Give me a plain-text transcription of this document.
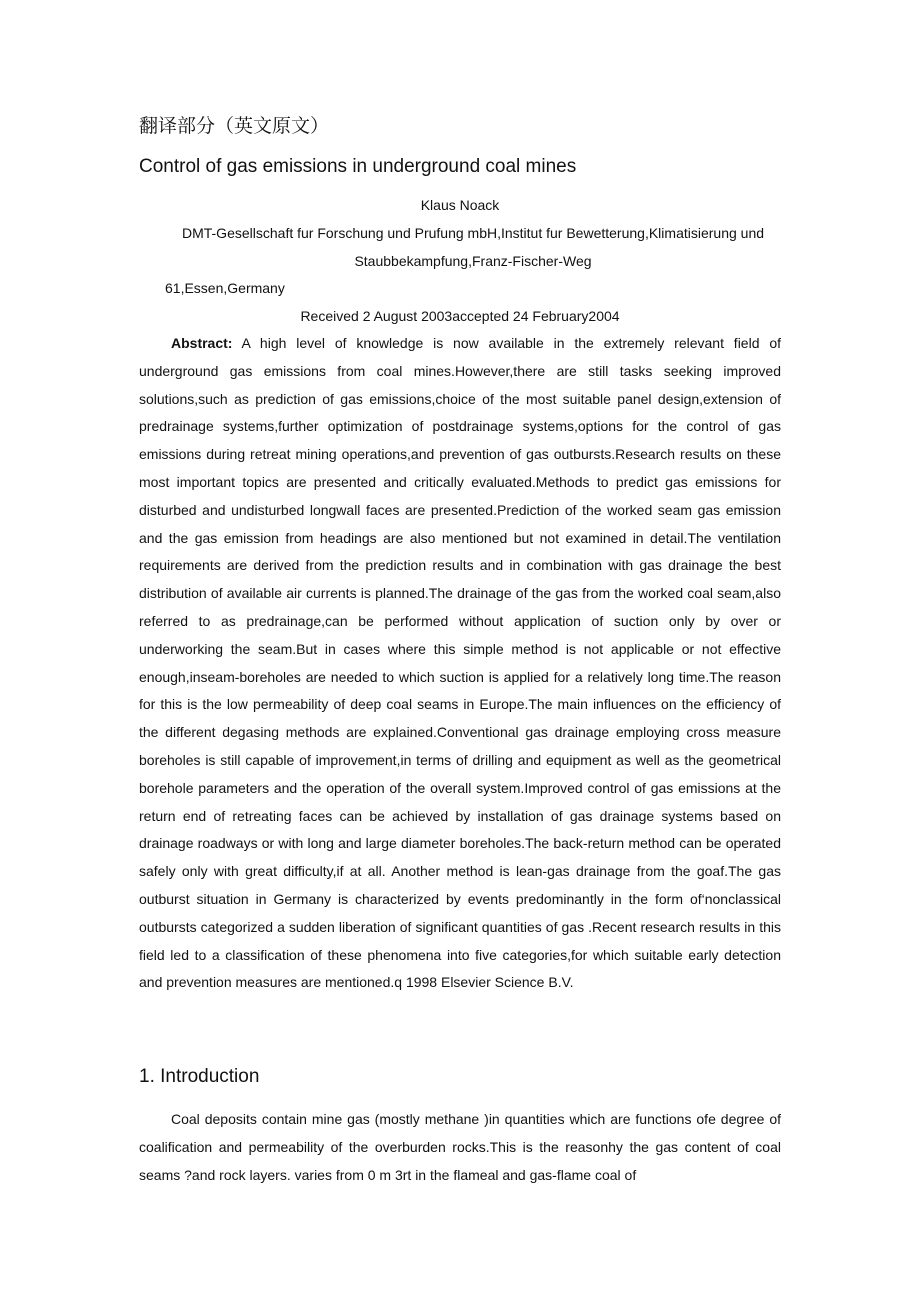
翻译部分（英文原文）
Control of gas emissions in underground coal mines
Klaus Noack
DMT-Gesellschaft fur Forschung und Prufung mbH,Institut fur Bewetterung,Klimatisierung und Staubbekampfung,Franz-Fischer-Weg
61,Essen,Germany
Received 2 August 2003accepted 24 February2004
Abstract: A high level of knowledge is now available in the extremely relevant field of underground gas emissions from coal mines.However,there are still tasks seeking improved solutions,such as prediction of gas emissions,choice of the most suitable panel design,extension of predrainage systems,further optimization of postdrainage systems,options for the control of gas emissions during retreat mining operations,and prevention of gas outbursts.Research results on these most important topics are presented and critically evaluated.Methods to predict gas emissions for disturbed and undisturbed longwall faces are presented.Prediction of the worked seam gas emission and the gas emission from headings are also mentioned but not examined in detail.The ventilation requirements are derived from the prediction results and in combination with gas drainage the best distribution of available air currents is planned.The drainage of the gas from the worked coal seam,also referred to as predrainage,can be performed without application of suction only by over or underworking the seam.But in cases where this simple method is not applicable or not effective enough,inseam-boreholes are needed to which suction is applied for a relatively long time.The reason for this is the low permeability of deep coal seams in Europe.The main influences on the efficiency of the different degasing methods are explained.Conventional gas drainage employing cross measure boreholes is still capable of improvement,in terms of drilling and equipment as well as the geometrical borehole parameters and the operation of the overall system.Improved control of gas emissions at the return end of retreating faces can be achieved by installation of gas drainage systems based on drainage roadways or with long and large diameter boreholes.The back-return method can be operated safely only with great difficulty,if at all. Another method is lean-gas drainage from the goaf.The gas outburst situation in Germany is characterized by events predominantly in the form of‘nonclassical outbursts categorized a sudden liberation of significant quantities of gas .Recent research results in this field led to a classification of these phenomena into five categories,for which suitable early detection and prevention measures are mentioned.q 1998 Elsevier Science B.V.
1. Introduction
Coal deposits contain mine gas (mostly methane )in quantities which are functions ofe degree of coalification and permeability of the overburden rocks.This is the reasonhy the gas content of coal seams ?and rock layers. varies from 0 m 3rt in the flameal and gas-flame coal of
